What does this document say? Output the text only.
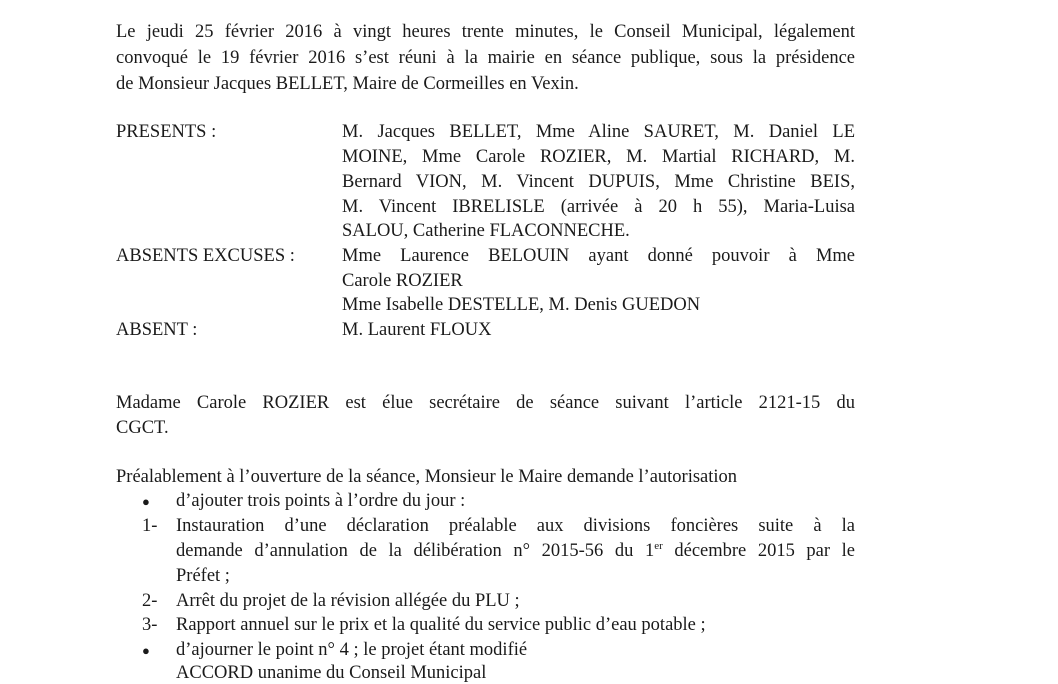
Le jeudi 25 février 2016 à vingt heures trente minutes, le Conseil Municipal, légalement
convoqué le 19 février 2016 s’est réuni à la mairie en séance publique, sous la présidence
de Monsieur Jacques BELLET, Maire de Cormeilles en Vexin.
PRESENTS :	M. Jacques BELLET, Mme Aline SAURET, M. Daniel LE
MOINE, Mme Carole ROZIER, M. Martial RICHARD, M.
Bernard VION, M. Vincent DUPUIS, Mme Christine BEIS,
M. Vincent IBRELISLE (arrivée à 20 h 55), Maria-Luisa
SALOU, Catherine FLACONNECHE.
ABSENTS EXCUSES :	Mme Laurence BELOUIN ayant donné pouvoir à Mme
Carole ROZIER
Mme Isabelle DESTELLE, M. Denis GUEDON
ABSENT :	M. Laurent FLOUX
Madame Carole ROZIER est élue secrétaire de séance suivant l’article 2121-15 du
CGCT.
Préalablement à l’ouverture de la séance, Monsieur le Maire demande l’autorisation
● d’ajouter trois points à l’ordre du jour :
1- Instauration d’une déclaration préalable aux divisions foncières suite à la
demande d’annulation de la délibération n° 2015-56 du 1er décembre 2015 par le
Préfet ;
2- Arrêt du projet de la révision allégée du PLU ;
3- Rapport annuel sur le prix et la qualité du service public d’eau potable ;
● d’ajourner le point n° 4 ; le projet étant modifié
ACCORD unanime du Conseil Municipal
